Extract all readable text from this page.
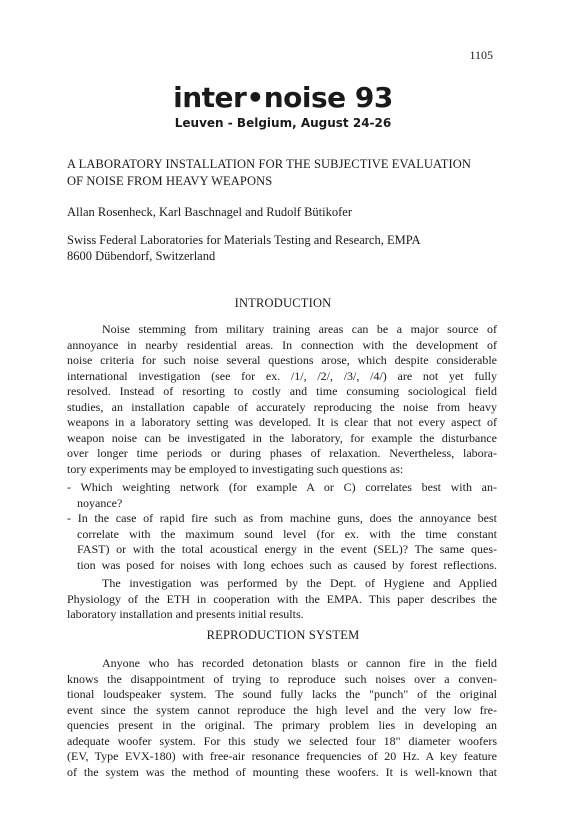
1105
inter•noise 93
Leuven - Belgium, August 24-26
A LABORATORY INSTALLATION FOR THE SUBJECTIVE EVALUATION
OF NOISE FROM HEAVY WEAPONS
Allan Rosenheck, Karl Baschnagel and Rudolf Bütikofer
Swiss Federal Laboratories for Materials Testing and Research, EMPA
8600 Dübendorf, Switzerland
INTRODUCTION
Noise stemming from military training areas can be a major source of
annoyance in nearby residential areas. In connection with the development of
noise criteria for such noise several questions arose, which despite considerable
international investigation (see for ex. /1/, /2/, /3/, /4/) are not yet fully
resolved. Instead of resorting to costly and time consuming sociological field
studies, an installation capable of accurately reproducing the noise from heavy
weapons in a laboratory setting was developed. It is clear that not every aspect of
weapon noise can be investigated in the laboratory, for example the disturbance
over longer time periods or during phases of relaxation. Nevertheless, labora-
tory experiments may be employed to investigating such questions as:
- Which weighting network (for example A or C) correlates best with an-
noyance?
- In the case of rapid fire such as from machine guns, does the annoyance best
correlate with the maximum sound level (for ex. with the time constant
FAST) or with the total acoustical energy in the event (SEL)? The same ques-
tion was posed for noises with long echoes such as caused by forest reflections.
The investigation was performed by the Dept. of Hygiene and Applied
Physiology of the ETH in cooperation with the EMPA. This paper describes the
laboratory installation and presents initial results.
REPRODUCTION SYSTEM
Anyone who has recorded detonation blasts or cannon fire in the field
knows the disappointment of trying to reproduce such noises over a conven-
tional loudspeaker system. The sound fully lacks the "punch" of the original
event since the system cannot reproduce the high level and the very low fre-
quencies present in the original. The primary problem lies in developing an
adequate woofer system. For this study we selected four 18" diameter woofers
(EV, Type EVX-180) with free-air resonance frequencies of 20 Hz. A key feature
of the system was the method of mounting these woofers. It is well-known that
